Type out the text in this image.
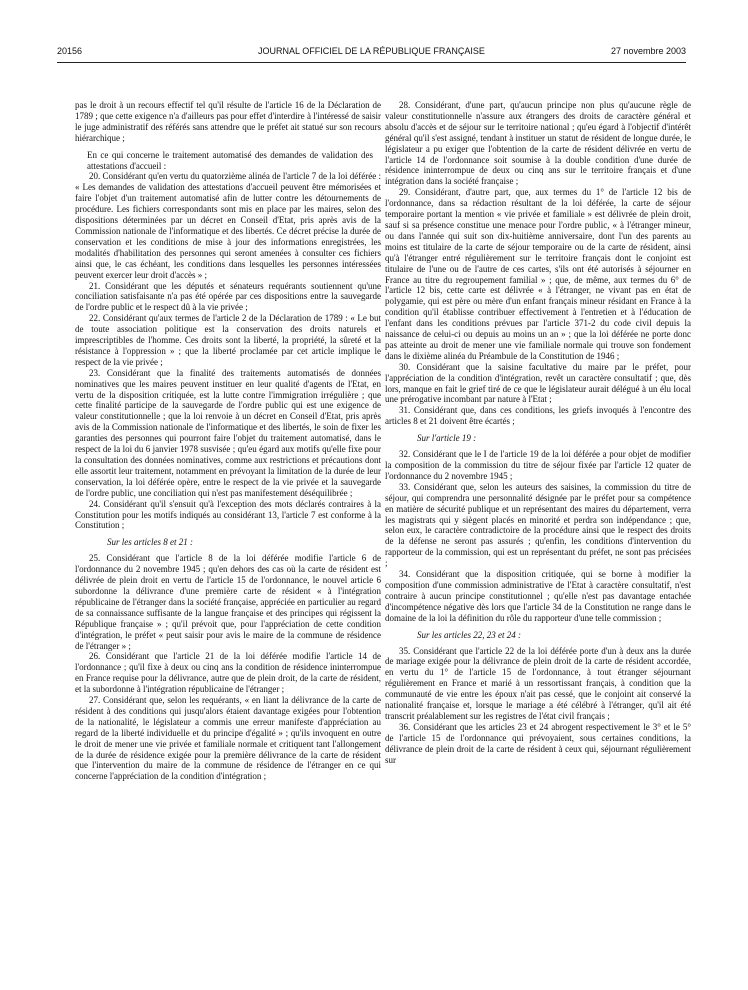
20156	JOURNAL OFFICIEL DE LA RÉPUBLIQUE FRANÇAISE	27 novembre 2003

pas le droit à un recours effectif tel qu'il résulte de l'article 16 de la Déclaration de 1789 ; que cette exigence n'a d'ailleurs pas pour effet d'interdire à l'intéressé de saisir le juge administratif des référés sans attendre que le préfet ait statué sur son recours hiérarchique ;

En ce qui concerne le traitement automatisé des demandes de validation des attestations d'accueil :

20. Considérant qu'en vertu du quatorzième alinéa de l'article 7 de la loi déférée : « Les demandes de validation des attestations d'accueil peuvent être mémorisées et faire l'objet d'un traitement automatisé afin de lutter contre les détournements de procédure. Les fichiers correspondants sont mis en place par les maires, selon des dispositions déterminées par un décret en Conseil d'Etat, pris après avis de la Commission nationale de l'informatique et des libertés. Ce décret précise la durée de conservation et les conditions de mise à jour des informations enregistrées, les modalités d'habilitation des personnes qui seront amenées à consulter ces fichiers ainsi que, le cas échéant, les conditions dans lesquelles les personnes intéressées peuvent exercer leur droit d'accès » ;

21. Considérant que les députés et sénateurs requérants soutiennent qu'une conciliation satisfaisante n'a pas été opérée par ces dispositions entre la sauvegarde de l'ordre public et le respect dû à la vie privée ;

22. Considérant qu'aux termes de l'article 2 de la Déclaration de 1789 : « Le but de toute association politique est la conservation des droits naturels et imprescriptibles de l'homme. Ces droits sont la liberté, la propriété, la sûreté et la résistance à l'oppression » ; que la liberté proclamée par cet article implique le respect de la vie privée ;

23. Considérant que la finalité des traitements automatisés de données nominatives que les maires peuvent instituer en leur qualité d'agents de l'Etat, en vertu de la disposition critiquée, est la lutte contre l'immigration irrégulière ; que cette finalité participe de la sauvegarde de l'ordre public qui est une exigence de valeur constitutionnelle ; que la loi renvoie à un décret en Conseil d'Etat, pris après avis de la Commission nationale de l'informatique et des libertés, le soin de fixer les garanties des personnes qui pourront faire l'objet du traitement automatisé, dans le respect de la loi du 6 janvier 1978 susvisée ; qu'eu égard aux motifs qu'elle fixe pour la consultation des données nominatives, comme aux restrictions et précautions dont elle assortit leur traitement, notamment en prévoyant la limitation de la durée de leur conservation, la loi déférée opère, entre le respect de la vie privée et la sauvegarde de l'ordre public, une conciliation qui n'est pas manifestement déséquilibrée ;

24. Considérant qu'il s'ensuit qu'à l'exception des mots déclarés contraires à la Constitution pour les motifs indiqués au considérant 13, l'article 7 est conforme à la Constitution ;

Sur les articles 8 et 21 :

25. Considérant que l'article 8 de la loi déférée modifie l'article 6 de l'ordonnance du 2 novembre 1945 ; qu'en dehors des cas où la carte de résident est délivrée de plein droit en vertu de l'article 15 de l'ordonnance, le nouvel article 6 subordonne la délivrance d'une première carte de résident « à l'intégration républicaine de l'étranger dans la société française, appréciée en particulier au regard de sa connaissance suffisante de la langue française et des principes qui régissent la République française » ; qu'il prévoit que, pour l'appréciation de cette condition d'intégration, le préfet « peut saisir pour avis le maire de la commune de résidence de l'étranger » ;

26. Considérant que l'article 21 de la loi déférée modifie l'article 14 de l'ordonnance ; qu'il fixe à deux ou cinq ans la condition de résidence ininterrompue en France requise pour la délivrance, autre que de plein droit, de la carte de résident, et la subordonne à l'intégration républicaine de l'étranger ;

27. Considérant que, selon les requérants, « en liant la délivrance de la carte de résident à des conditions qui jusqu'alors étaient davantage exigées pour l'obtention de la nationalité, le législateur a commis une erreur manifeste d'appréciation au regard de la liberté individuelle et du principe d'égalité » ; qu'ils invoquent en outre le droit de mener une vie privée et familiale normale et critiquent tant l'allongement de la durée de résidence exigée pour la première délivrance de la carte de résident que l'intervention du maire de la commune de résidence de l'étranger en ce qui concerne l'appréciation de la condition d'intégration ;

28. Considérant, d'une part, qu'aucun principe non plus qu'aucune règle de valeur constitutionnelle n'assure aux étrangers des droits de caractère général et absolu d'accès et de séjour sur le territoire national ; qu'eu égard à l'objectif d'intérêt général qu'il s'est assigné, tendant à instituer un statut de résident de longue durée, le législateur a pu exiger que l'obtention de la carte de résident délivrée en vertu de l'article 14 de l'ordonnance soit soumise à la double condition d'une durée de résidence ininterrompue de deux ou cinq ans sur le territoire français et d'une intégration dans la société française ;

29. Considérant, d'autre part, que, aux termes du 1° de l'article 12 bis de l'ordonnance, dans sa rédaction résultant de la loi déférée, la carte de séjour temporaire portant la mention « vie privée et familiale » est délivrée de plein droit, sauf si sa présence constitue une menace pour l'ordre public, « à l'étranger mineur, ou dans l'année qui suit son dix-huitième anniversaire, dont l'un des parents au moins est titulaire de la carte de séjour temporaire ou de la carte de résident, ainsi qu'à l'étranger entré régulièrement sur le territoire français dont le conjoint est titulaire de l'une ou de l'autre de ces cartes, s'ils ont été autorisés à séjourner en France au titre du regroupement familial » ; que, de même, aux termes du 6° de l'article 12 bis, cette carte est délivrée « à l'étranger, ne vivant pas en état de polygamie, qui est père ou mère d'un enfant français mineur résidant en France à la condition qu'il établisse contribuer effectivement à l'entretien et à l'éducation de l'enfant dans les conditions prévues par l'article 371-2 du code civil depuis la naissance de celui-ci ou depuis au moins un an » ; que la loi déférée ne porte donc pas atteinte au droit de mener une vie familiale normale qui trouve son fondement dans le dixième alinéa du Préambule de la Constitution de 1946 ;

30. Considérant que la saisine facultative du maire par le préfet, pour l'appréciation de la condition d'intégration, revêt un caractère consultatif ; que, dès lors, manque en fait le grief tiré de ce que le législateur aurait délégué à un élu local une prérogative incombant par nature à l'Etat ;

31. Considérant que, dans ces conditions, les griefs invoqués à l'encontre des articles 8 et 21 doivent être écartés ;

Sur l'article 19 :

32. Considérant que le I de l'article 19 de la loi déférée a pour objet de modifier la composition de la commission du titre de séjour fixée par l'article 12 quater de l'ordonnance du 2 novembre 1945 ;

33. Considérant que, selon les auteurs des saisines, la commission du titre de séjour, qui comprendra une personnalité désignée par le préfet pour sa compétence en matière de sécurité publique et un représentant des maires du département, verra les magistrats qui y siègent placés en minorité et perdra son indépendance ; que, selon eux, le caractère contradictoire de la procédure ainsi que le respect des droits de la défense ne seront pas assurés ; qu'enfin, les conditions d'intervention du rapporteur de la commission, qui est un représentant du préfet, ne sont pas précisées ;

34. Considérant que la disposition critiquée, qui se borne à modifier la composition d'une commission administrative de l'Etat à caractère consultatif, n'est contraire à aucun principe constitutionnel ; qu'elle n'est pas davantage entachée d'incompétence négative dès lors que l'article 34 de la Constitution ne range dans le domaine de la loi la définition du rôle du rapporteur d'une telle commission ;

Sur les articles 22, 23 et 24 :

35. Considérant que l'article 22 de la loi déférée porte d'un à deux ans la durée de mariage exigée pour la délivrance de plein droit de la carte de résident accordée, en vertu du 1° de l'article 15 de l'ordonnance, à tout étranger séjournant régulièrement en France et marié à un ressortissant français, à condition que la communauté de vie entre les époux n'ait pas cessé, que le conjoint ait conservé la nationalité française et, lorsque le mariage a été célébré à l'étranger, qu'il ait été transcrit préalablement sur les registres de l'état civil français ;

36. Considérant que les articles 23 et 24 abrogent respectivement le 3° et le 5° de l'article 15 de l'ordonnance qui prévoyaient, sous certaines conditions, la délivrance de plein droit de la carte de résident à ceux qui, séjournant régulièrement sur
